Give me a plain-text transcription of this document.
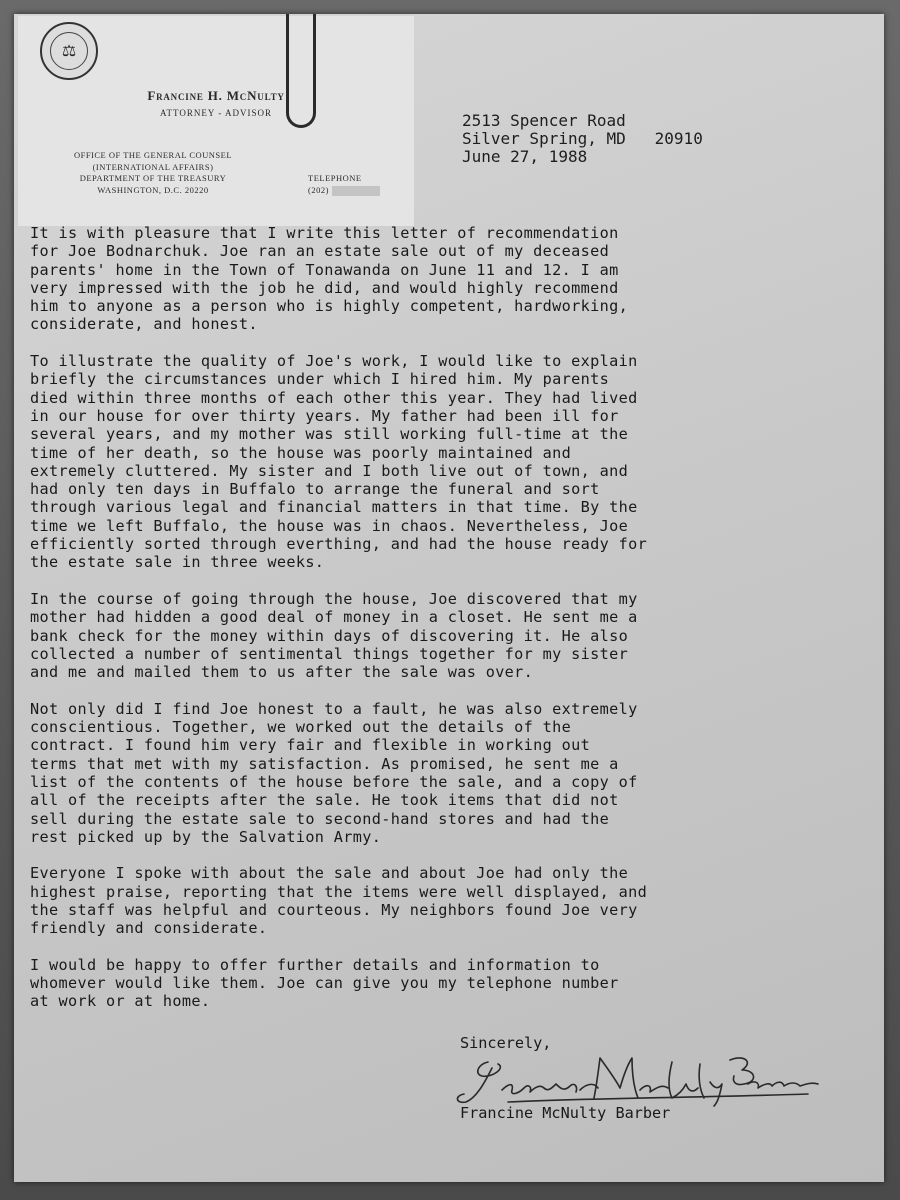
⚖
Francine H. McNulty
ATTORNEY - ADVISOR
OFFICE OF THE GENERAL COUNSEL
(INTERNATIONAL AFFAIRS)
DEPARTMENT OF THE TREASURY
WASHINGTON, D.C. 20220
TELEPHONE
(202)
2513 Spencer Road
Silver Spring, MD   20910
June 27, 1988
It is with pleasure that I write this letter of recommendation
for Joe Bodnarchuk. Joe ran an estate sale out of my deceased
parents' home in the Town of Tonawanda on June 11 and 12. I am
very impressed with the job he did, and would highly recommend
him to anyone as a person who is highly competent, hardworking,
considerate, and honest.
To illustrate the quality of Joe's work, I would like to explain
briefly the circumstances under which I hired him. My parents
died within three months of each other this year. They had lived
in our house for over thirty years. My father had been ill for
several years, and my mother was still working full-time at the
time of her death, so the house was poorly maintained and
extremely cluttered. My sister and I both live out of town, and
had only ten days in Buffalo to arrange the funeral and sort
through various legal and financial matters in that time. By the
time we left Buffalo, the house was in chaos. Nevertheless, Joe
efficiently sorted through everthing, and had the house ready for
the estate sale in three weeks.
In the course of going through the house, Joe discovered that my
mother had hidden a good deal of money in a closet. He sent me a
bank check for the money within days of discovering it. He also
collected a number of sentimental things together for my sister
and me and mailed them to us after the sale was over.
Not only did I find Joe honest to a fault, he was also extremely
conscientious. Together, we worked out the details of the
contract. I found him very fair and flexible in working out
terms that met with my satisfaction. As promised, he sent me a
list of the contents of the house before the sale, and a copy of
all of the receipts after the sale. He took items that did not
sell during the estate sale to second-hand stores and had the
rest picked up by the Salvation Army.
Everyone I spoke with about the sale and about Joe had only the
highest praise, reporting that the items were well displayed, and
the staff was helpful and courteous. My neighbors found Joe very
friendly and considerate.
I would be happy to offer further details and information to
whomever would like them. Joe can give you my telephone number
at work or at home.
Sincerely,
Francine McNulty Barber
